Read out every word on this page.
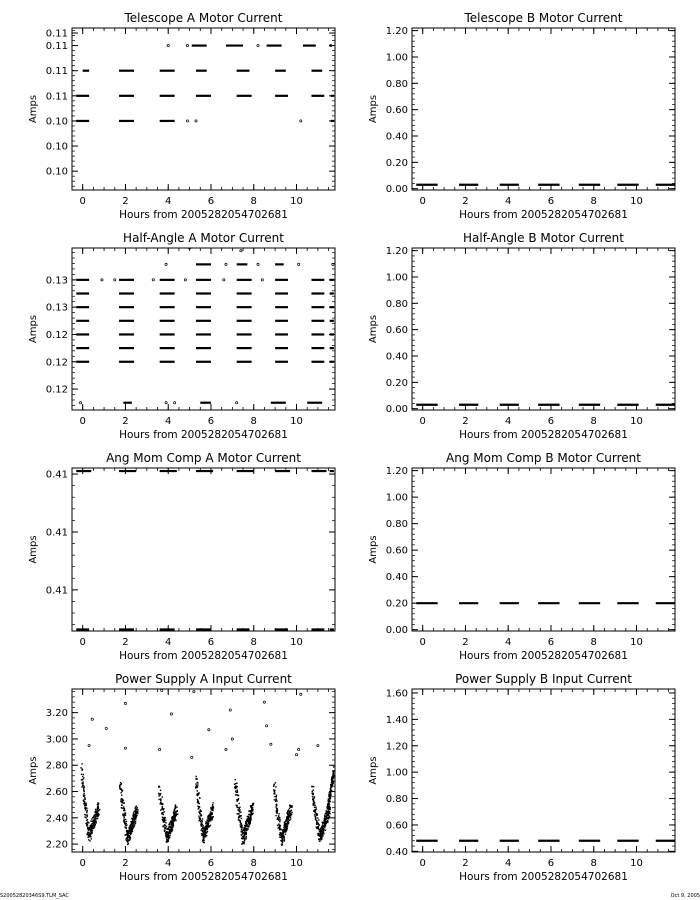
Telescope A Motor Current
Hours from 2005282054702681
Amps
0	2	4	6	8	10
0.10
0.10
0.10
0.11
0.11
0.11
0.11
Telescope B Motor Current
Hours from 2005282054702681
Amps
0	2	4	6	8	10
0.00
0.20
0.40
0.60
0.80
1.00
1.20
Half-Angle A Motor Current
Hours from 2005282054702681
Amps
0	2	4	6	8	10
0.12
0.12
0.12
0.13
0.13
Half-Angle B Motor Current
Hours from 2005282054702681
Amps
0	2	4	6	8	10
0.00
0.20
0.40
0.60
0.80
1.00
1.20
Ang Mom Comp A Motor Current
Hours from 2005282054702681
Amps
0	2	4	6	8	10
0.41
0.41
0.41
Ang Mom Comp B Motor Current
Hours from 2005282054702681
Amps
0	2	4	6	8	10
0.00
0.20
0.40
0.60
0.80
1.00
1.20
Power Supply A Input Current
Hours from 2005282054702681
Amps
0	2	4	6	8	10
2.20
2.40
2.60
2.80
3.00
3.20
Power Supply B Input Current
Hours from 2005282054702681
Amps
0	2	4	6	8	10
0.40
0.60
0.80
1.00
1.20
1.40
1.60
S20052820346S9.TLM_SAC	Oct 9, 2005
